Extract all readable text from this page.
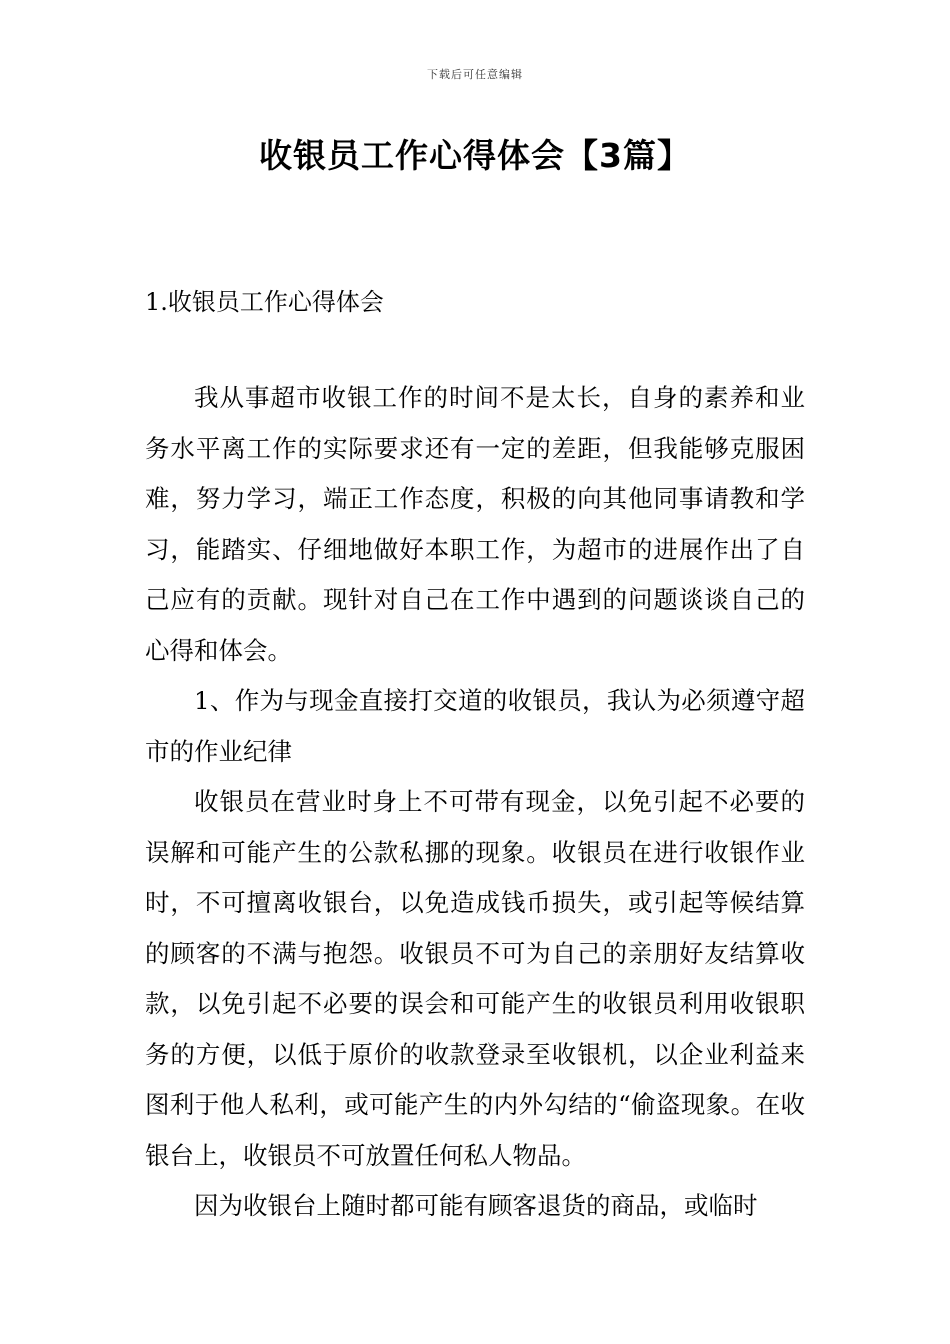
下载后可任意编辑
收银员工作心得体会【3篇】
1.收银员工作心得体会

我从事超市收银工作的时间不是太长，自身的素养和业务水平离工作的实际要求还有一定的差距，但我能够克服困难，努力学习，端正工作态度，积极的向其他同事请教和学习，能踏实、仔细地做好本职工作，为超市的进展作出了自己应有的贡献。现针对自己在工作中遇到的问题谈谈自己的心得和体会。

1、作为与现金直接打交道的收银员，我认为必须遵守超市的作业纪律

收银员在营业时身上不可带有现金，以免引起不必要的误解和可能产生的公款私挪的现象。收银员在进行收银作业时，不可擅离收银台，以免造成钱币损失，或引起等候结算的顾客的不满与抱怨。收银员不可为自己的亲朋好友结算收款，以免引起不必要的误会和可能产生的收银员利用收银职务的方便，以低于原价的收款登录至收银机，以企业利益来图利于他人私利，或可能产生的内外勾结的“偷盗现象。在收银台上，收银员不可放置任何私人物品。

因为收银台上随时都可能有顾客退货的商品，或临时
